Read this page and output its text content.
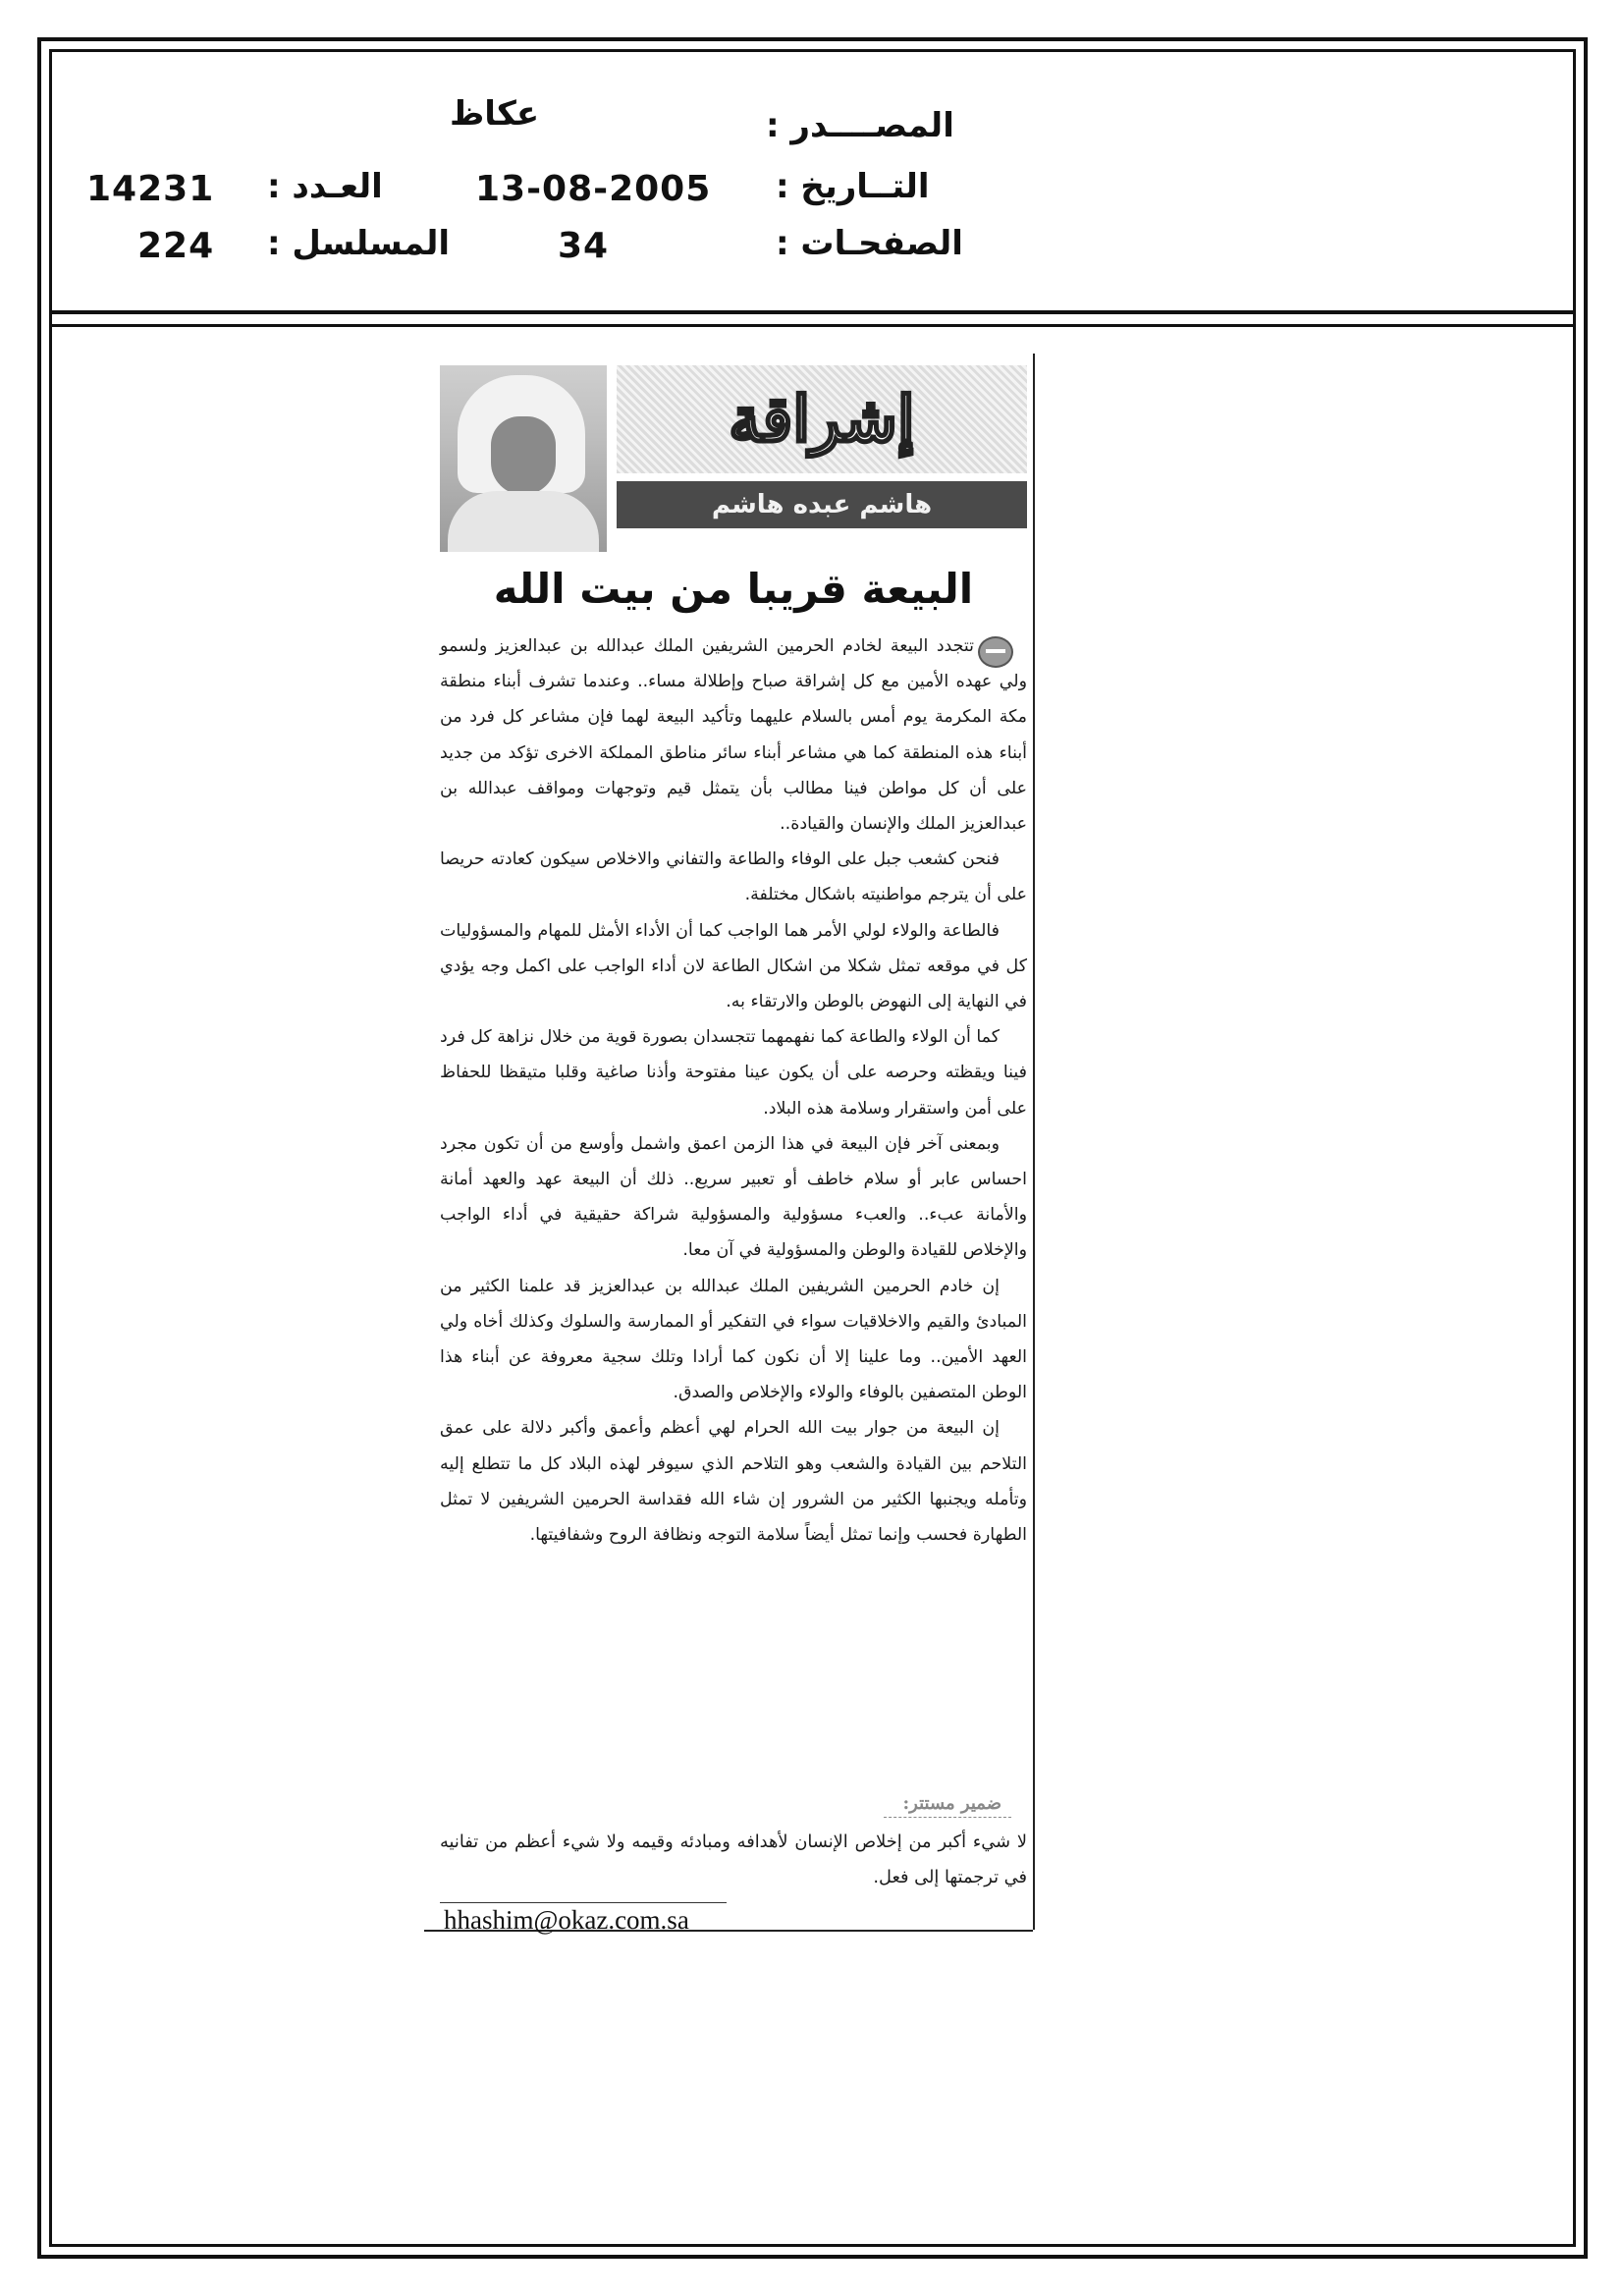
المصــــدر :
عكاظ
التــاريخ :
13-08-2005
الصفحـات :
34
العـدد :
14231
المسلسل :
224
إشراقة
هاشم عبده هاشم
البيعة قريبا من بيت الله

تتجدد البيعة لخادم الحرمين الشريفين الملك عبدالله بن عبدالعزيز ولسمو ولي عهده الأمين مع كل إشراقة صباح وإطلالة مساء.. وعندما تشرف أبناء منطقة مكة المكرمة يوم أمس بالسلام عليهما وتأكيد البيعة لهما فإن مشاعر كل فرد من أبناء هذه المنطقة كما هي مشاعر أبناء سائر مناطق المملكة الاخرى تؤكد من جديد على أن كل مواطن فينا مطالب بأن يتمثل قيم وتوجهات ومواقف عبدالله بن عبدالعزيز الملك والإنسان والقيادة..

فنحن كشعب جبل على الوفاء والطاعة والتفاني والاخلاص سيكون كعادته حريصا على أن يترجم مواطنيته باشكال مختلفة.

فالطاعة والولاء لولي الأمر هما الواجب كما أن الأداء الأمثل للمهام والمسؤوليات كل في موقعه تمثل شكلا من اشكال الطاعة لان أداء الواجب على اكمل وجه يؤدي في النهاية إلى النهوض بالوطن والارتقاء به.

كما أن الولاء والطاعة كما نفهمهما تتجسدان بصورة قوية من خلال نزاهة كل فرد فينا ويقظته وحرصه على أن يكون عينا مفتوحة وأذنا صاغية وقلبا متيقظا للحفاظ على أمن واستقرار وسلامة هذه البلاد.

وبمعنى آخر فإن البيعة في هذا الزمن اعمق واشمل وأوسع من أن تكون مجرد احساس عابر أو سلام خاطف أو تعبير سريع.. ذلك أن البيعة عهد والعهد أمانة والأمانة عبء.. والعبء مسؤولية والمسؤولية شراكة حقيقية في أداء الواجب والإخلاص للقيادة والوطن والمسؤولية في آن معا.

إن خادم الحرمين الشريفين الملك عبدالله بن عبدالعزيز قد علمنا الكثير من المبادئ والقيم والاخلاقيات سواء في التفكير أو الممارسة والسلوك وكذلك أخاه ولي العهد الأمين.. وما علينا إلا أن نكون كما أرادا وتلك سجية معروفة عن أبناء هذا الوطن المتصفين بالوفاء والولاء والإخلاص والصدق.

إن البيعة من جوار بيت الله الحرام لهي أعظم وأعمق وأكبر دلالة على عمق التلاحم بين القيادة والشعب وهو التلاحم الذي سيوفر لهذه البلاد كل ما تتطلع إليه وتأمله ويجنبها الكثير من الشرور إن شاء الله فقداسة الحرمين الشريفين لا تمثل الطهارة فحسب وإنما تمثل أيضاً سلامة التوجه ونظافة الروح وشفافيتها.

ضمير مستتر:
لا شيء أكبر من إخلاص الإنسان لأهدافه ومبادئه وقيمه ولا شيء أعظم من تفانيه في ترجمتها إلى فعل.
hhashim@okaz.com.sa
